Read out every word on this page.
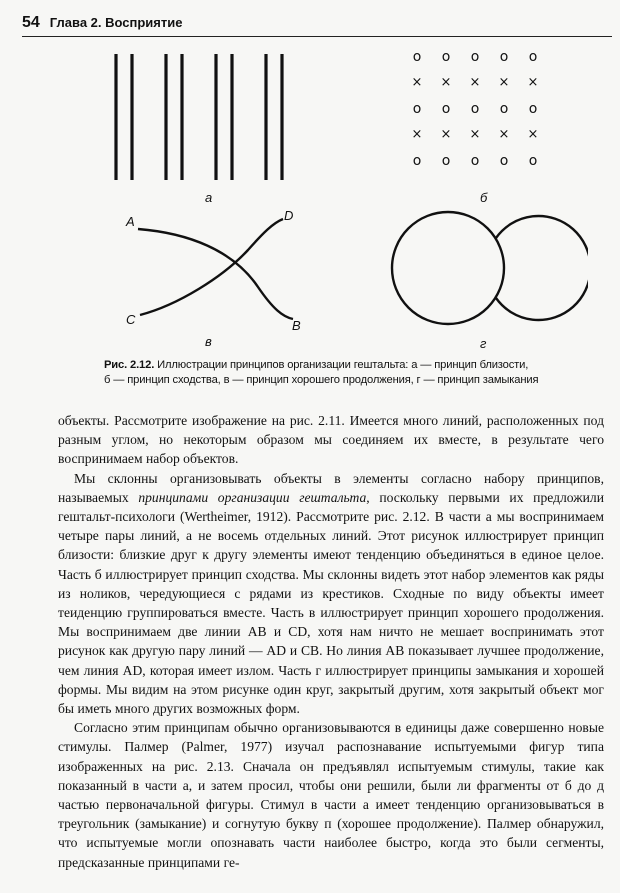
54 Глава 2. Восприятие
а
o o o o o
× × × × ×
o o o o o
× × × × ×
o o o o o
б
A	D
C	B
в	г
Рис. 2.12. Иллюстрации принципов организации гештальта: а — принцип близости,
б — принцип сходства, в — принцип хорошего продолжения, г — принцип замыкания

объекты. Рассмотрите изображение на рис. 2.11. Имеется много линий, расположенных под разным углом, но некоторым образом мы соединяем их вместе, в результате чего воспринимаем набор объектов.

Мы склонны организовывать объекты в элементы согласно набору принципов, называемых принципами организации гештальта, поскольку первыми их предложили гештальт-психологи (Wertheimer, 1912). Рассмотрите рис. 2.12. В части а мы воспринимаем четыре пары линий, а не восемь отдельных линий. Этот рисунок иллюстрирует принцип близости: близкие друг к другу элементы имеют тенденцию объединяться в единое целое. Часть б иллюстрирует принцип сходства. Мы склонны видеть этот набор элементов как ряды из ноликов, чередующиеся с рядами из крестиков. Сходные по виду объекты имеет теиденцию группироваться вместе. Часть в иллюстрирует принцип хорошего продолжения. Мы воспринимаем две линии AB и CD, хотя нам ничто не мешает воспринимать этот рисунок как другую пару линий — AD и CB. Но линия AB показывает лучшее продолжение, чем линия AD, которая имеет излом. Часть г иллюстрирует принципы замыкания и хорошей формы. Мы видим на этом рисунке один круг, закрытый другим, хотя закрытый объект мог бы иметь много других возможных форм.

Согласно этим принципам обычно организовываются в единицы даже совершенно новые стимулы. Палмер (Palmer, 1977) изучал распознавание испытуемыми фигур типа изображенных на рис. 2.13. Сначала он предъявлял испытуемым стимулы, такие как показанный в части а, и затем просил, чтобы они решили, были ли фрагменты от б до д частью первоначальной фигуры. Стимул в части а имеет тенденцию организовываться в треугольник (замыкание) и согнутую букву п (хорошее продолжение). Палмер обнаружил, что испытуемые могли опознавать части наиболее быстро, когда это были сегменты, предсказанные принципами ге-
